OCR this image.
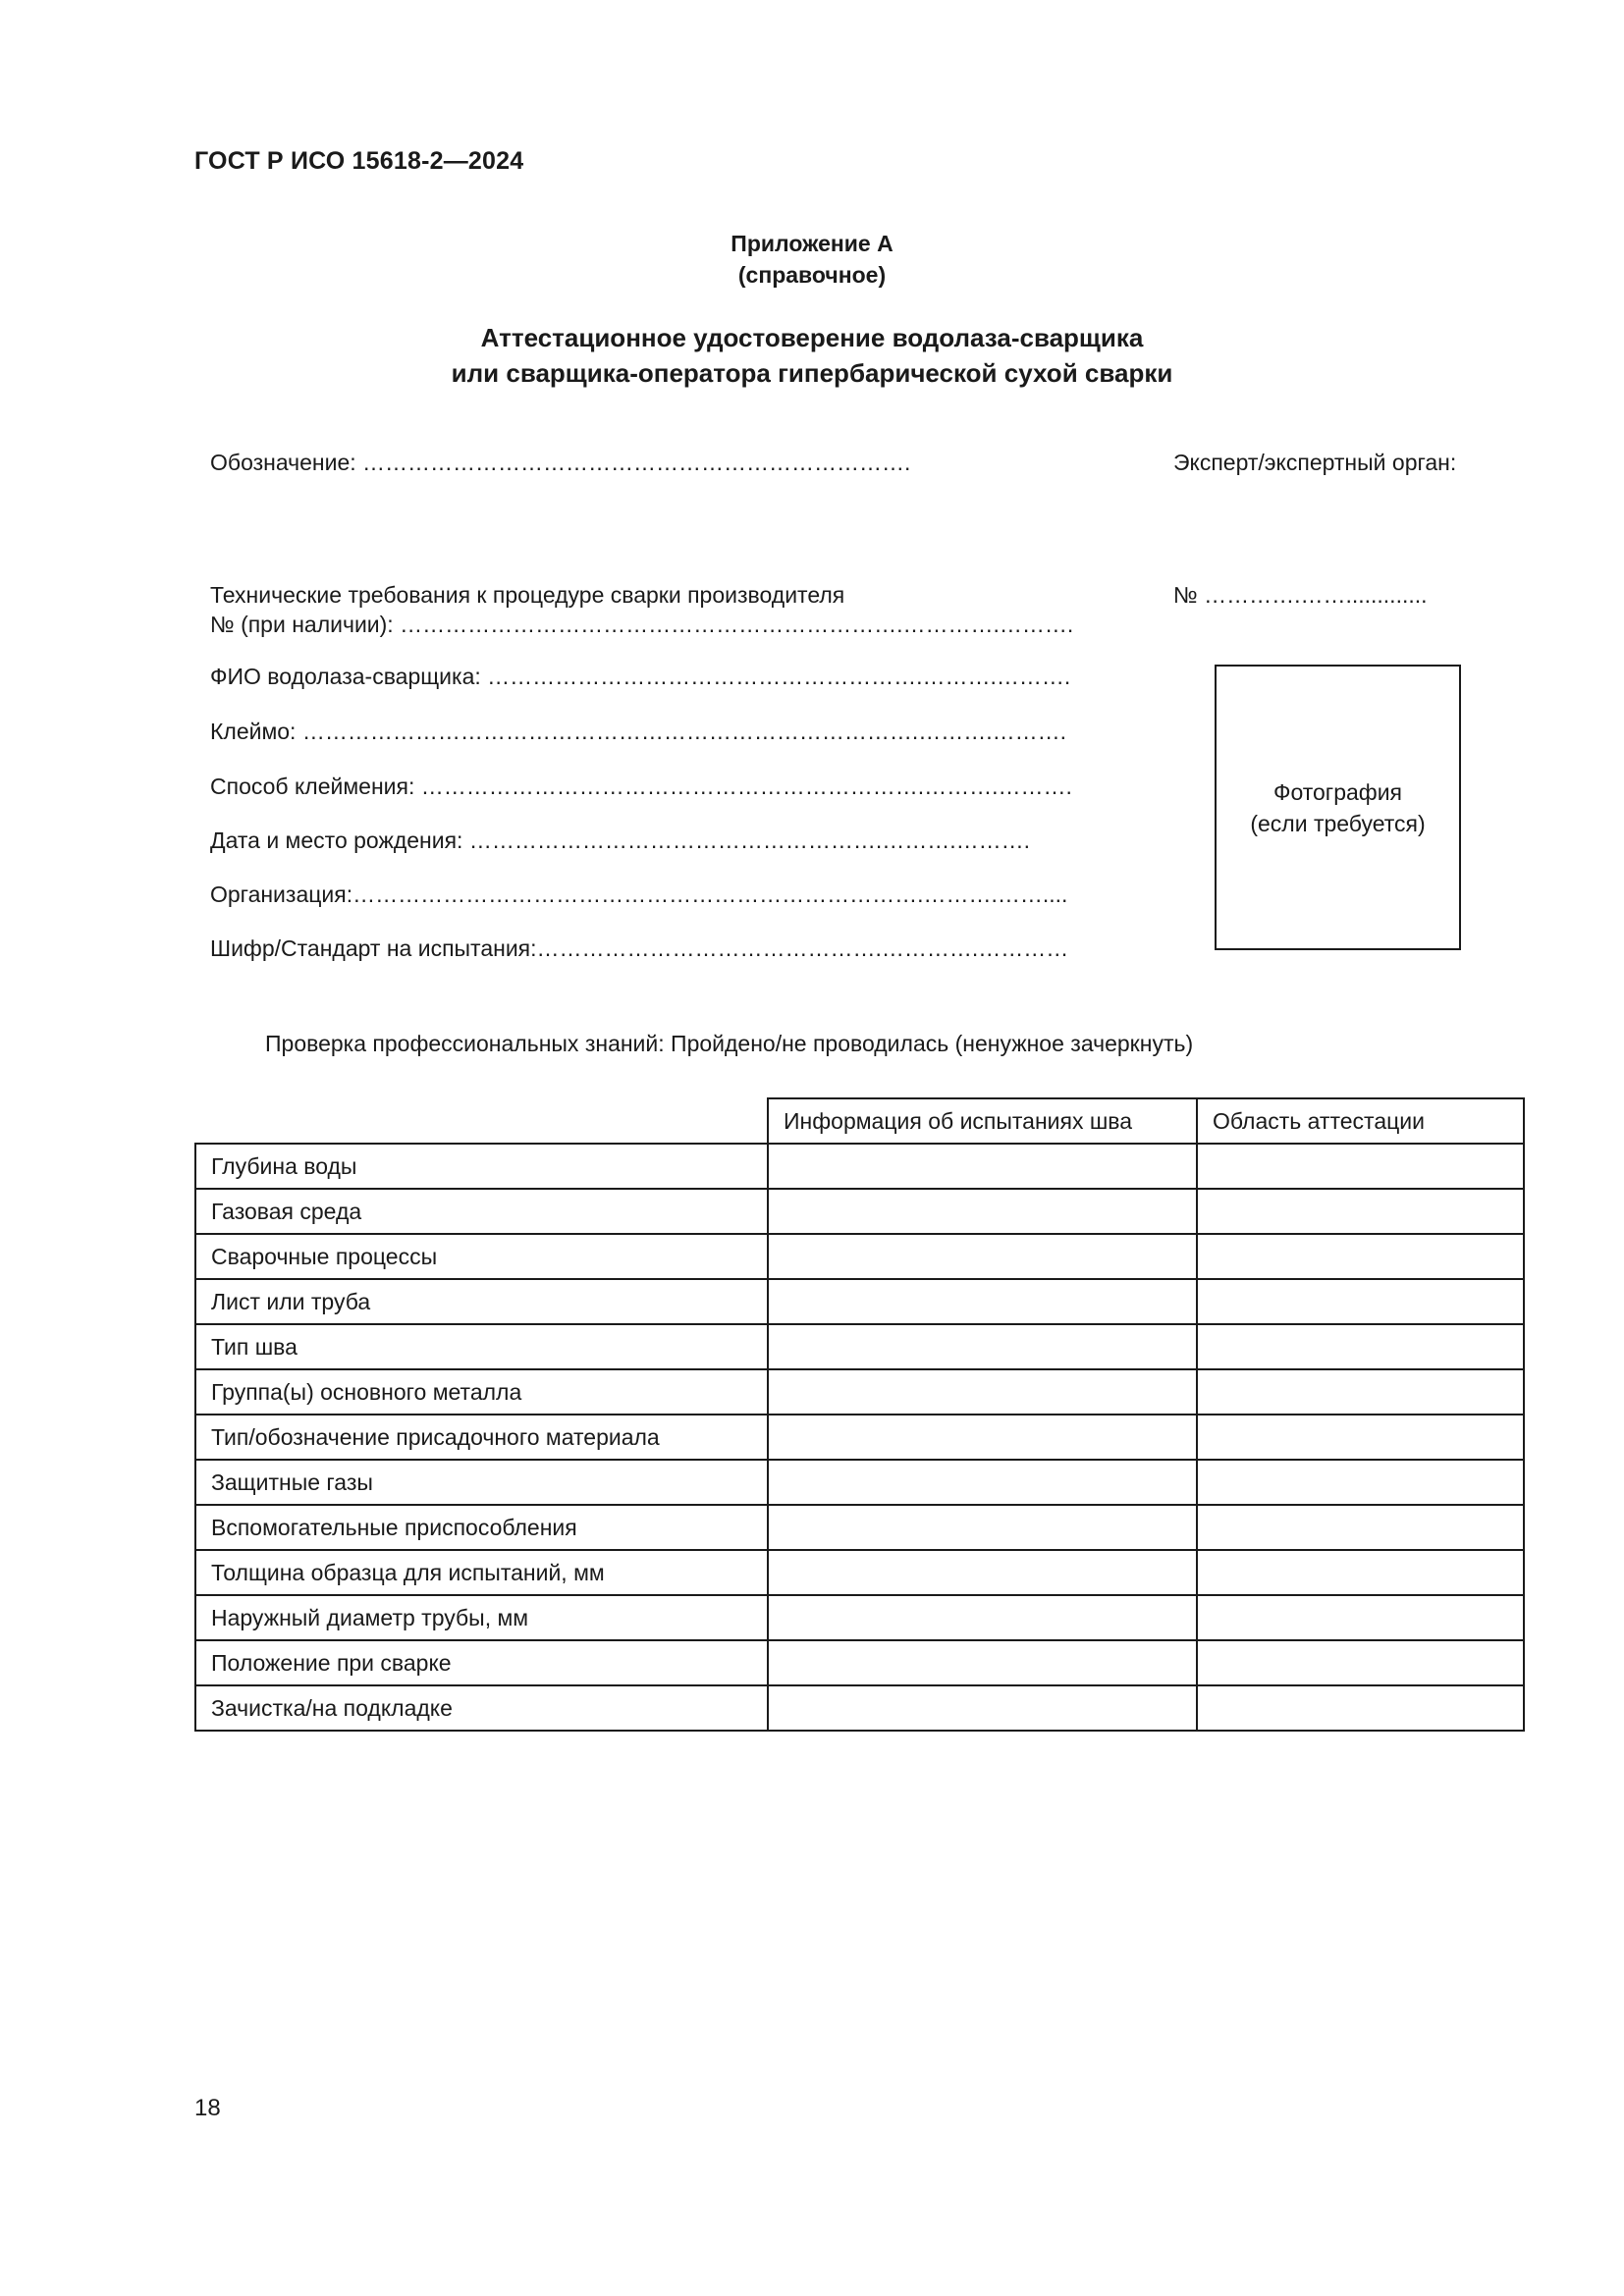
ГОСТ Р ИСО 15618-2—2024
Приложение А
(справочное)
Аттестационное удостоверение водолаза-сварщика
или сварщика-оператора гипербарической сухой сварки
Обозначение: ……………………………………………………………….	Эксперт/экспертный орган:
Технические требования к процедуре сварки производителя
№ (при наличии): ………………………………………………………….………….……….
№ ………….…….............
ФИО водолаза-сварщика: ………………………………………………….……….……….
Клеймо: ……………………………………………………………………….……….……….
Способ клеймения: ………………………………………………………….……….……….
Дата и место рождения: ……………………………………………….……….……….
Организация:………………………………………………………………….……….……....
Шифр/Стандарт на испытания:……………………………………….………….…………
Фотография
(если требуется)
Проверка профессиональных знаний: Пройдено/не проводилась (ненужное зачеркнуть)
	Информация об испытаниях шва	Область аттестации
Глубина воды		
Газовая среда		
Сварочные процессы		
Лист или труба		
Тип шва		
Группа(ы) основного металла		
Тип/обозначение присадочного материала		
Защитные газы		
Вспомогательные приспособления		
Толщина образца для испытаний, мм		
Наружный диаметр трубы, мм		
Положение при сварке		
Зачистка/на подкладке		
18
